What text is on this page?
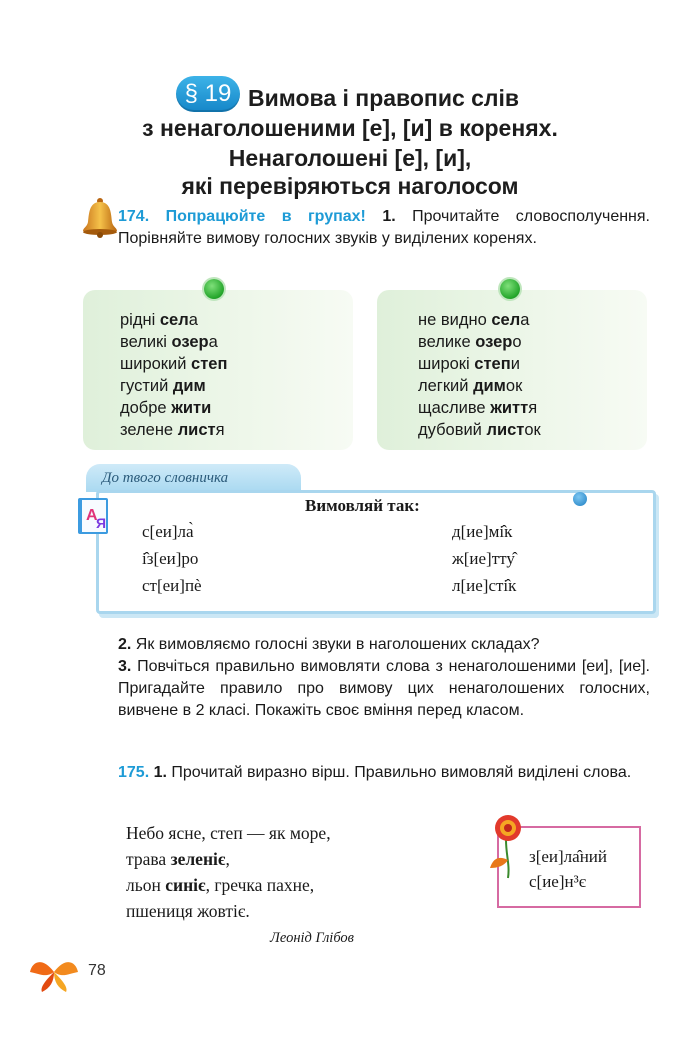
§ 19 Вимова і правопис слів
з ненаголошеними [е], [и] в коренях.
Ненаголошені [е], [и],
які перевіряються наголосом
174. Попрацюйте в групах! 1. Прочитайте словосполучення. Порівняйте вимову голосних звуків у виділених коренях.
рідні села
великі озера
широкий степ
густий дим
добре жити
зелене листя
не видно села
велике озеро
широкі степи
легкий димок
щасливе життя
дубовий листок
До твого словничка
А
Я
Вимовляй так:
с[еи]ла̀
і̂з[еи]ро
ст[еи]пѐ
д[ие]мі̂к
ж[ие]тту̂
л[ие]сті̂к
2. Як вимовляємо голосні звуки в наголошених складах?
3. Повчіться правильно вимовляти слова з ненаголошеними [еи], [ие]. Пригадайте правило про вимову цих ненаголошених голосних, вивчене в 2 класі. Покажіть своє вміння перед класом.
175. 1. Прочитай виразно вірш. Правильно вимовляй виділені слова.
Небо ясне, степ — як море,
трава зеленіє,
льон синіє, гречка пахне,
пшениця жовтіє.
Леонід Глібов
з[еи]ла̂ний
с[ие]н³є
78
